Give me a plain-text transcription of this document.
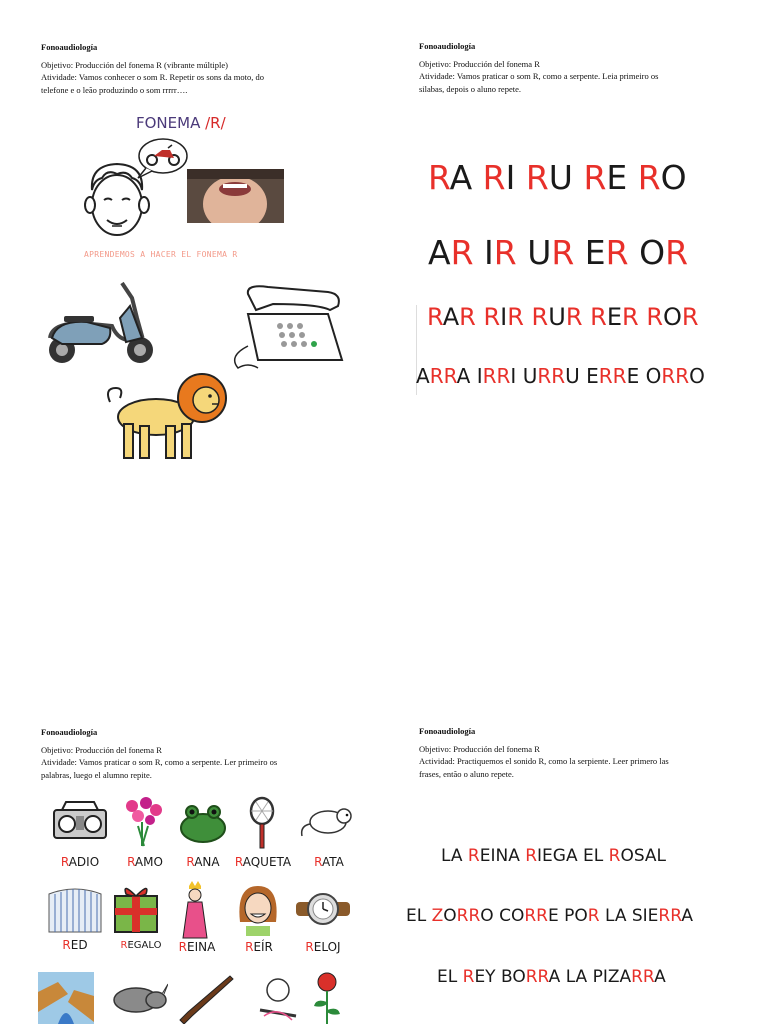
Fonoaudiología
Objetivo: Producción del fonema R (vibrante múltiple)
Atividade: Vamos conhecer o som R. Repetir os sons da moto, do
telefone e o leão produzindo o som rrrrr….
FONEMA /R/
APRENDEMOS A HACER EL FONEMA R
Fonoaudiología
Objetivo: Producción del fonema R
Atividade: Vamos praticar o som R, como a serpente. Leia primeiro os
silabas, depois o aluno repete.
RA RI RU RE RO
AR IR UR ER OR
RAR RIR RUR RER ROR
ARRA IRRI URRU ERRE ORRO
Fonoaudiología
Objetivo: Producción del fonema R
Atividade: Vamos praticar o som R, como a serpente. Ler primeiro os
palabras, luego el alumno repite.
RADIO	RAMO	RANA	RAQUETA	RATA
RED	REGALO	REINA	REÍR	RELOJ
Fonoaudiología
Objetivo: Producción del fonema R
Actividad: Practiquemos el sonido R, como la serpiente. Leer primero las
frases, então o aluno repete.
LA REINA RIEGA EL ROSAL
EL ZORRO CORRE POR LA SIERRA
EL REY BORRA LA PIZARRA
